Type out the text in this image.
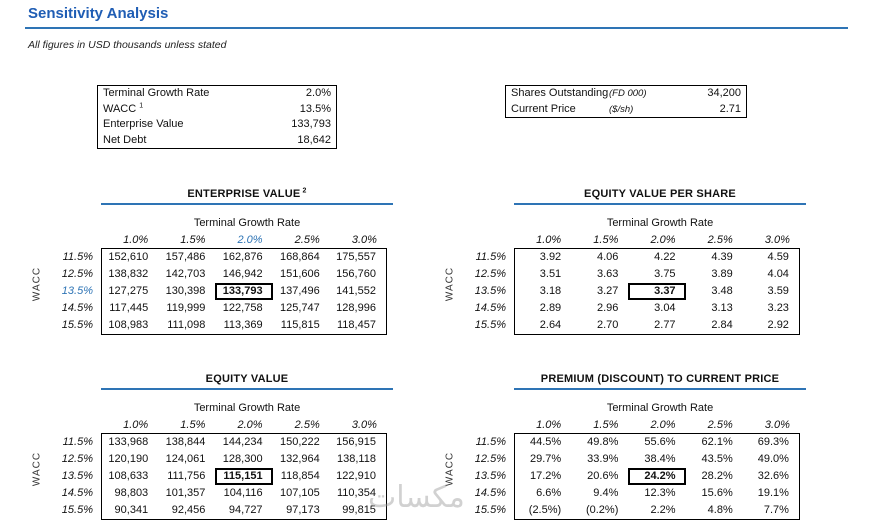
Sensitivity Analysis
All figures in USD thousands unless stated
Terminal Growth Rate	2.0%
WACC $^1$	13.5%
Enterprise Value	133,793
Net Debt	18,642
Shares Outstanding (FD 000)	34,200
Current Price	($/sh)	2.71
ENTERPRISE VALUE $^2$
Terminal Growth Rate
WACC
1.0%	1.5%	2.0%	2.5%	3.0%
11.5%	152,610	157,486	162,876	168,864	175,557
12.5%	138,832	142,703	146,942	151,606	156,760
13.5%	127,275	130,398	133,793	137,496	141,552
14.5%	117,445	119,999	122,758	125,747	128,996
15.5%	108,983	111,098	113,369	115,815	118,457
EQUITY VALUE PER SHARE
Terminal Growth Rate
WACC
1.0%	1.5%	2.0%	2.5%	3.0%
11.5%	3.92	4.06	4.22	4.39	4.59
12.5%	3.51	3.63	3.75	3.89	4.04
13.5%	3.18	3.27	3.37	3.48	3.59
14.5%	2.89	2.96	3.04	3.13	3.23
15.5%	2.64	2.70	2.77	2.84	2.92
EQUITY VALUE
Terminal Growth Rate
WACC
1.0%	1.5%	2.0%	2.5%	3.0%
11.5%	133,968	138,844	144,234	150,222	156,915
12.5%	120,190	124,061	128,300	132,964	138,118
13.5%	108,633	111,756	115,151	118,854	122,910
14.5%	98,803	101,357	104,116	107,105	110,354
15.5%	90,341	92,456	94,727	97,173	99,815
PREMIUM (DISCOUNT) TO CURRENT PRICE
Terminal Growth Rate
WACC
1.0%	1.5%	2.0%	2.5%	3.0%
11.5%	44.5%	49.8%	55.6%	62.1%	69.3%
12.5%	29.7%	33.9%	38.4%	43.5%	49.0%
13.5%	17.2%	20.6%	24.2%	28.2%	32.6%
14.5%	6.6%	9.4%	12.3%	15.6%	19.1%
15.5%	(2.5%)	(0.2%)	2.2%	4.8%	7.7%
مكسات
